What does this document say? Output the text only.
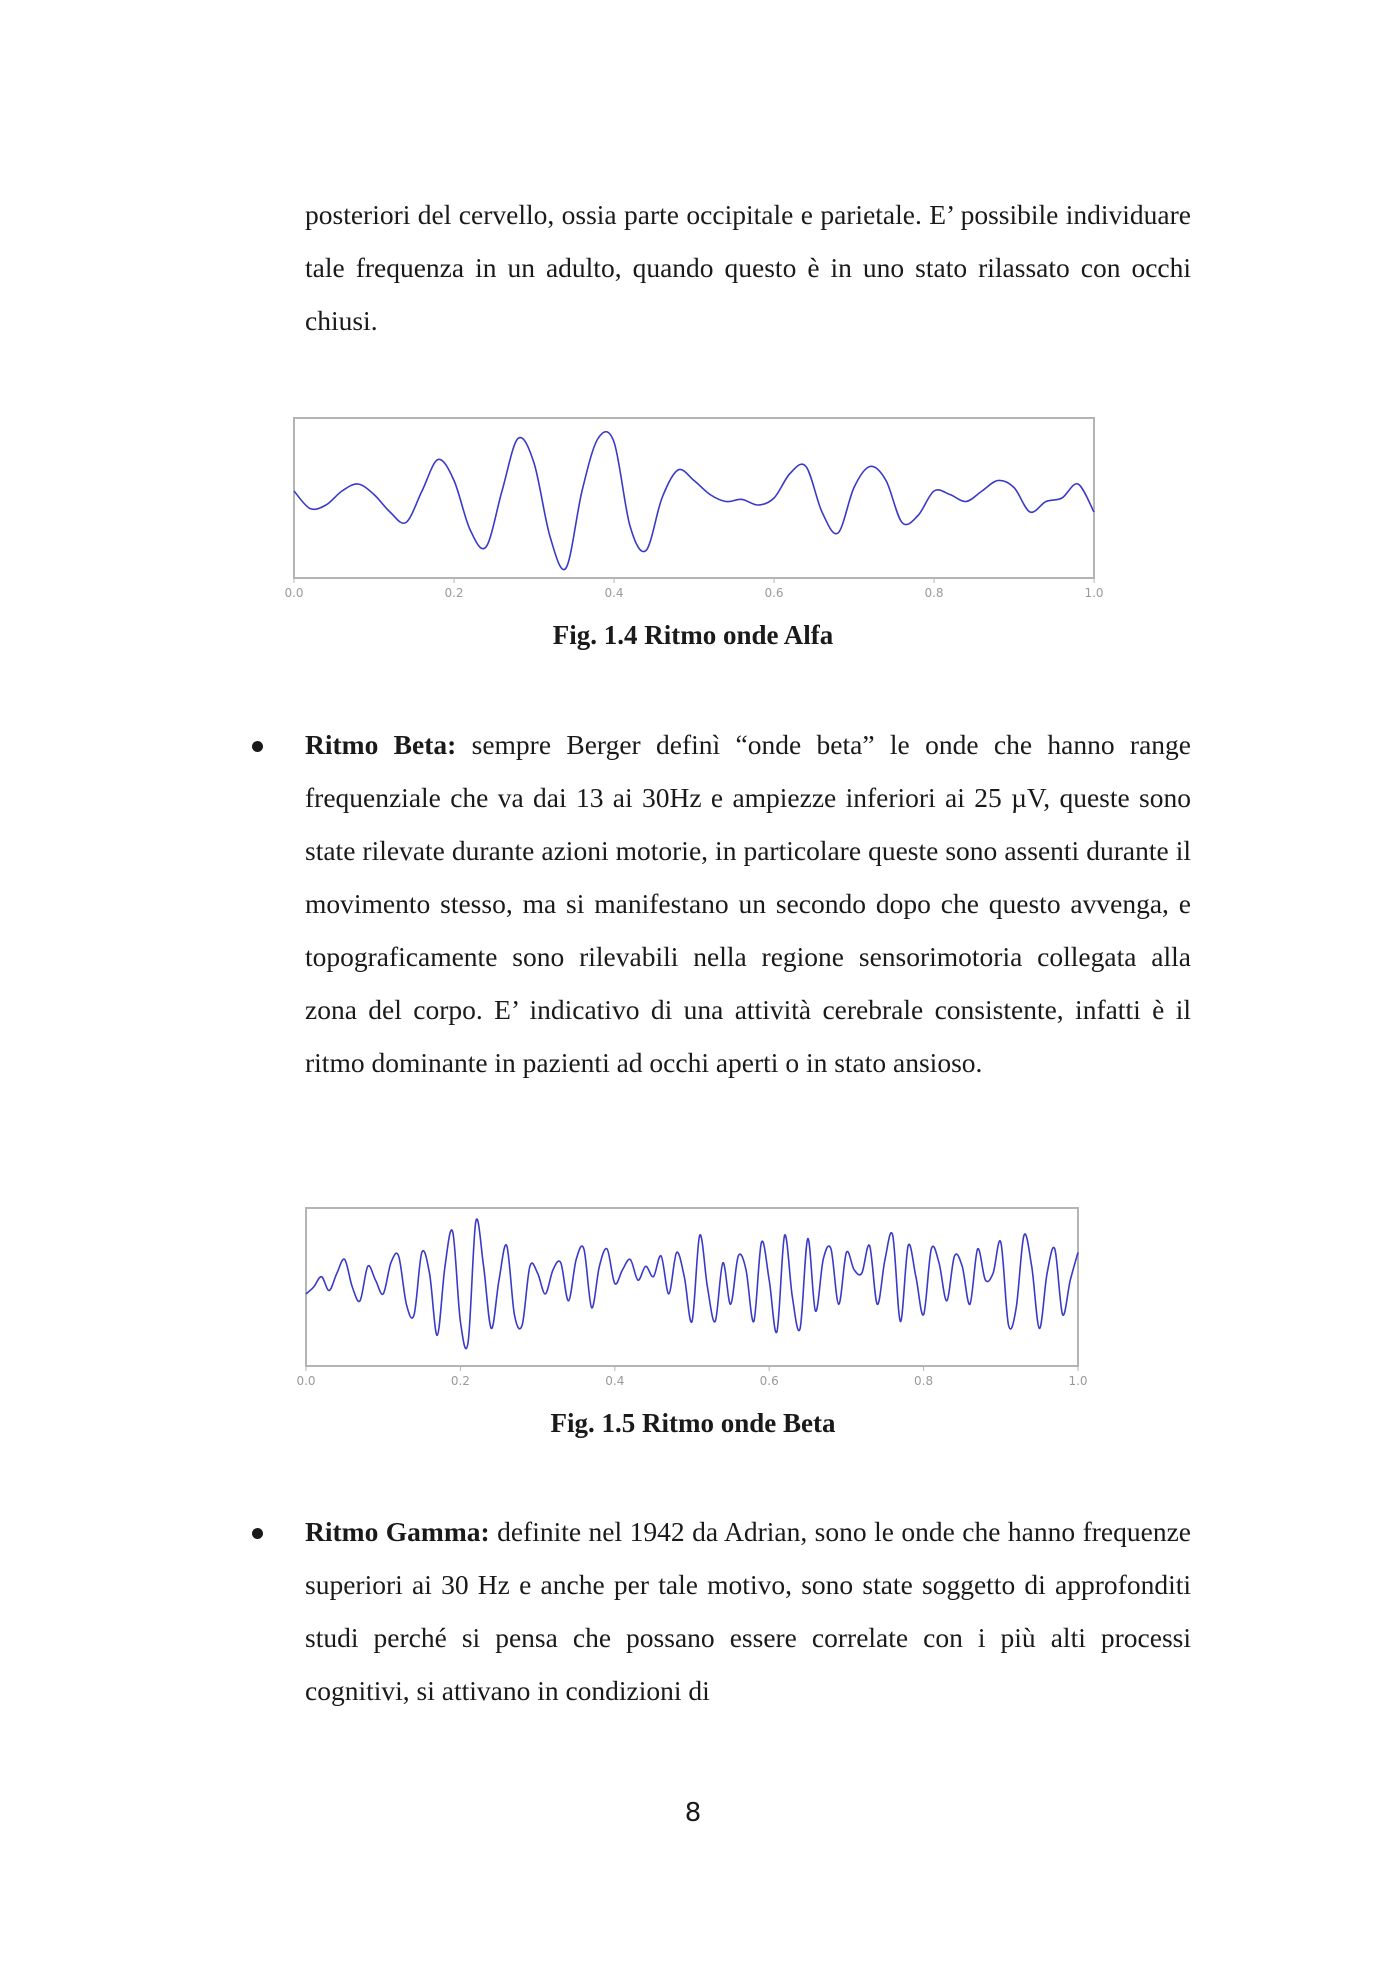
posteriori del cervello, ossia parte occipitale e parietale. E’ possibile individuare tale frequenza in un adulto, quando questo è in uno stato rilassato con occhi chiusi.

0.0	0.2	0.4	0.6	0.8	1.0

Fig. 1.4 Ritmo onde Alfa

Ritmo Beta: sempre Berger definì “onde beta” le onde che hanno range frequenziale che va dai 13 ai 30Hz e ampiezze inferiori ai 25 µV, queste sono state rilevate durante azioni motorie, in particolare queste sono assenti durante il movimento stesso, ma si manifestano un secondo dopo che questo avvenga, e topograficamente sono rilevabili nella regione sensorimotoria collegata alla zona del corpo. E’ indicativo di una attività cerebrale consistente, infatti è il ritmo dominante in pazienti ad occhi aperti o in stato ansioso.

0.0	0.2	0.4	0.6	0.8	1.0

Fig. 1.5 Ritmo onde Beta

Ritmo Gamma: definite nel 1942 da Adrian, sono le onde che hanno frequenze superiori ai 30 Hz e anche per tale motivo, sono state soggetto di approfonditi studi perché si pensa che possano essere correlate con i più alti processi cognitivi, si attivano in condizioni di

8
